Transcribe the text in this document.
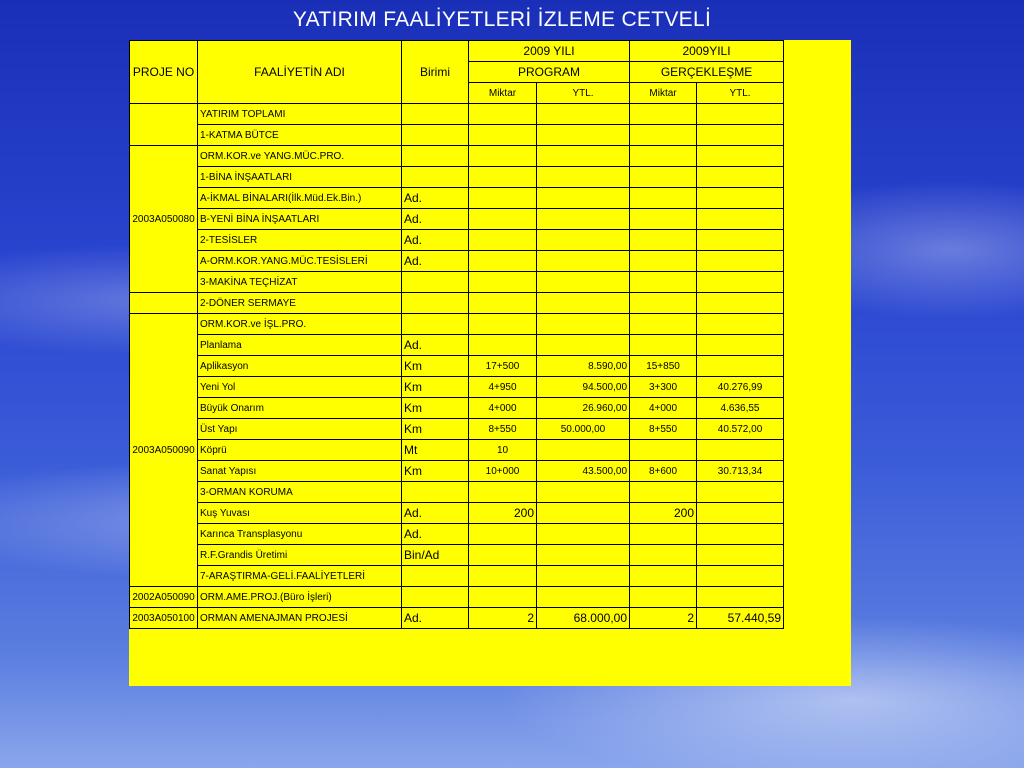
YATIRIM FAALİYETLERİ İZLEME CETVELİ
PROJE NO	FAALİYETİN ADI	Birimi	2009 YILI		2009YILI	
			PROGRAM		GERÇEKLEŞME	
			Miktar	YTL.	Miktar	YTL.
	YATIRIM TOPLAMI					
	1-KATMA BÜTCE					
2003A050080	ORM.KOR.ve YANG.MÜC.PRO.					
	1-BİNA İNŞAATLARI					
	A-İKMAL BİNALARI(İlk.Müd.Ek.Bin.)	Ad.				
	B-YENİ BİNA İNŞAATLARI	Ad.				
	2-TESİSLER	Ad.				
	A-ORM.KOR.YANG.MÜC.TESİSLERİ	Ad.				
	3-MAKİNA TEÇHİZAT					
	2-DÖNER SERMAYE					
2003A050090	ORM.KOR.ve İŞL.PRO.					
	Planlama	Ad.				
	Aplikasyon	Km	17+500	8.590,00	15+850	
	Yeni Yol	Km	4+950	94.500,00	3+300	40.276,99
	Büyük Onarım	Km	4+000	26.960,00	4+000	4.636,55
	Üst Yapı	Km	8+550	50.000,00	8+550	40.572,00
	Köprü	Mt	10			
	Sanat Yapısı	Km	10+000	43.500,00	8+600	30.713,34
	3-ORMAN KORUMA					
	Kuş Yuvası	Ad.	200		200	
	Karınca Transplasyonu	Ad.				
	R.F.Grandis Üretimi	Bin/Ad				
	7-ARAŞTIRMA-GELİ.FAALİYETLERİ					
2002A050090	ORM.AME.PROJ.(Büro İşleri)					
2003A050100	ORMAN AMENAJMAN PROJESİ	Ad.	2	68.000,00	2	57.440,59
